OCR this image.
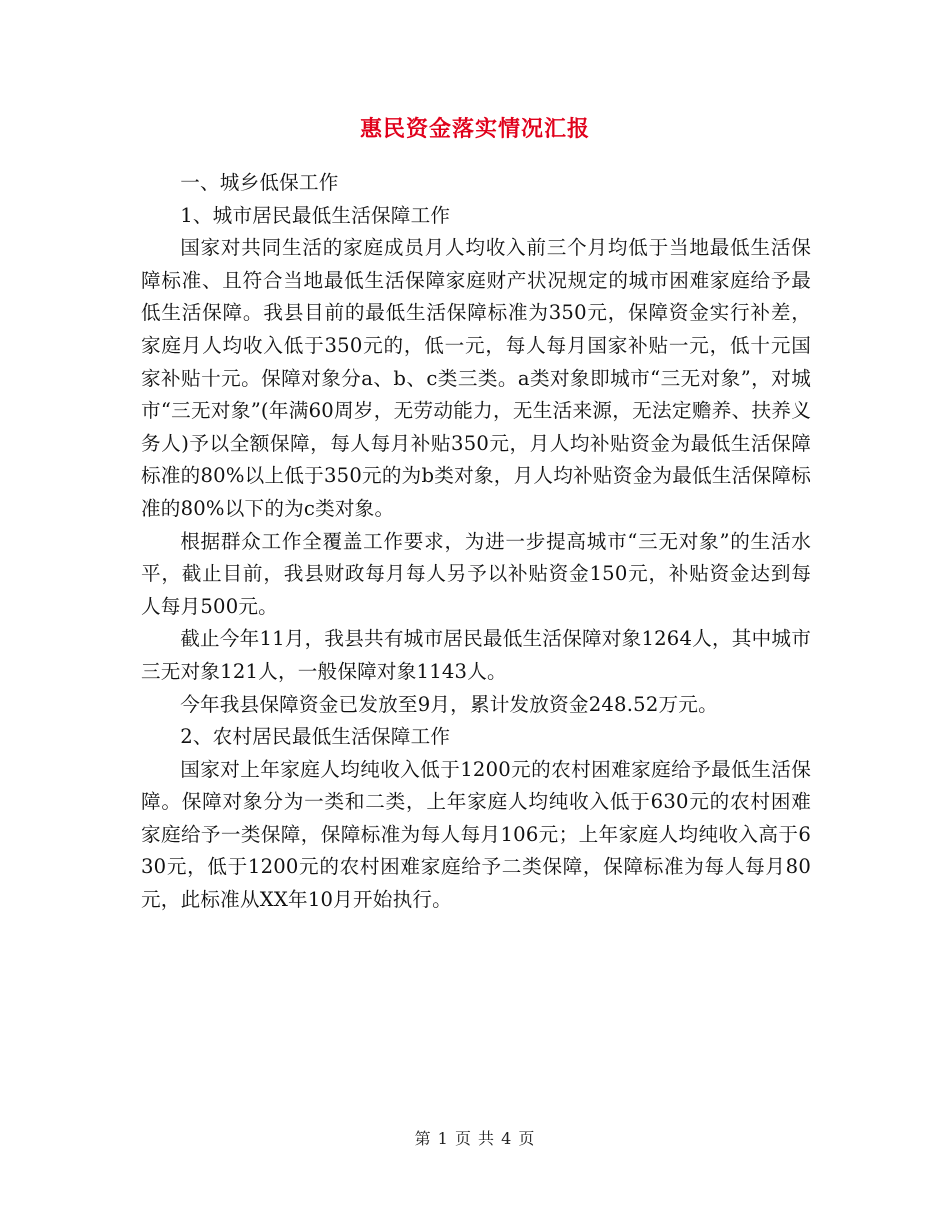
惠民资金落实情况汇报

一、城乡低保工作

1、城市居民最低生活保障工作

国家对共同生活的家庭成员月人均收入前三个月均低于当地最低生活保障标准、且符合当地最低生活保障家庭财产状况规定的城市困难家庭给予最低生活保障。我县目前的最低生活保障标准为350元，保障资金实行补差，家庭月人均收入低于350元的，低一元，每人每月国家补贴一元，低十元国家补贴十元。保障对象分a、b、c类三类。a类对象即城市“三无对象”，对城市“三无对象”(年满60周岁，无劳动能力，无生活来源，无法定赡养、扶养义务人)予以全额保障，每人每月补贴350元，月人均补贴资金为最低生活保障标准的80%以上低于350元的为b类对象，月人均补贴资金为最低生活保障标准的80%以下的为c类对象。

根据群众工作全覆盖工作要求，为进一步提高城市“三无对象”的生活水平，截止目前，我县财政每月每人另予以补贴资金150元，补贴资金达到每人每月500元。

截止今年11月，我县共有城市居民最低生活保障对象1264人，其中城市三无对象121人，一般保障对象1143人。

今年我县保障资金已发放至9月，累计发放资金248.52万元。

2、农村居民最低生活保障工作

国家对上年家庭人均纯收入低于1200元的农村困难家庭给予最低生活保障。保障对象分为一类和二类，上年家庭人均纯收入低于630元的农村困难家庭给予一类保障，保障标准为每人每月106元；上年家庭人均纯收入高于630元，低于1200元的农村困难家庭给予二类保障，保障标准为每人每月80元，此标准从XX年10月开始执行。

第 1 页 共 4 页
